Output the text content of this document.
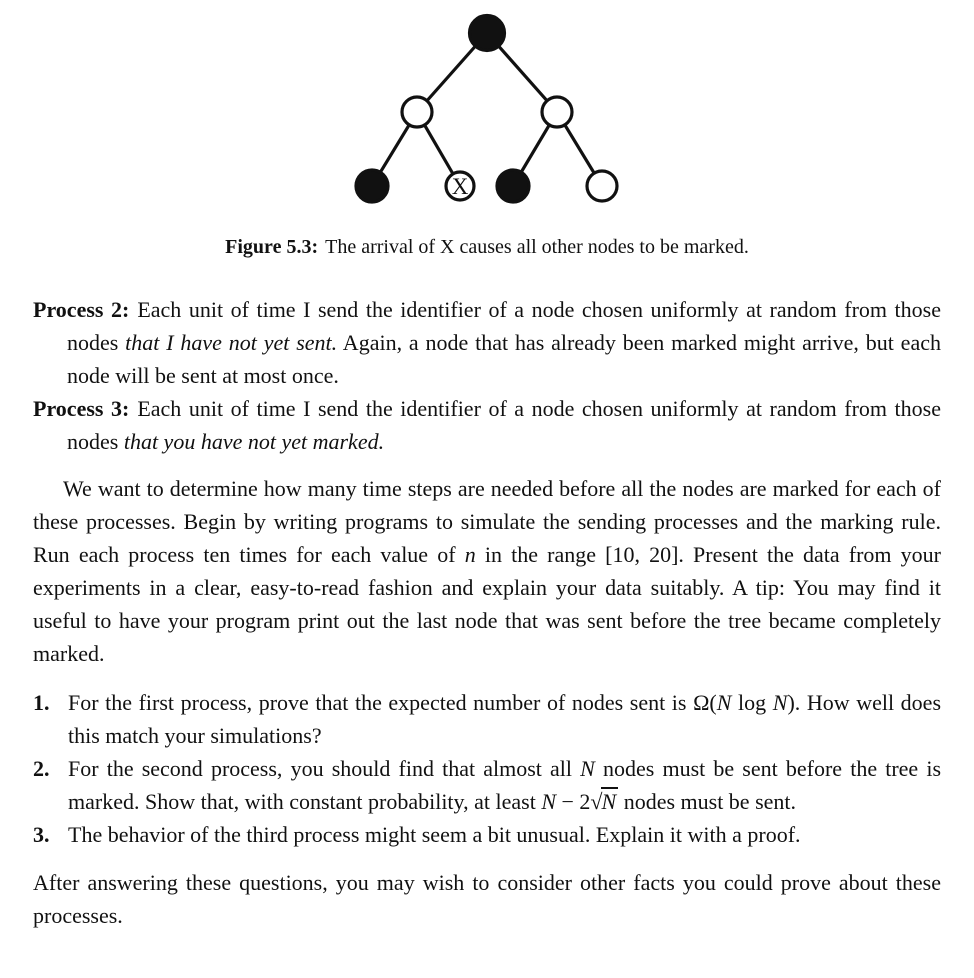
X
Figure 5.3: The arrival of X causes all other nodes to be marked.

Process 2: Each unit of time I send the identifier of a node chosen uniformly at random from those nodes that I have not yet sent. Again, a node that has already been marked might arrive, but each node will be sent at most once.

Process 3: Each unit of time I send the identifier of a node chosen uniformly at random from those nodes that you have not yet marked.

We want to determine how many time steps are needed before all the nodes are marked for each of these processes. Begin by writing programs to simulate the sending processes and the marking rule. Run each process ten times for each value of n in the range [10, 20]. Present the data from your experiments in a clear, easy-to-read fashion and explain your data suitably. A tip: You may find it useful to have your program print out the last node that was sent before the tree became completely marked.

1. For the first process, prove that the expected number of nodes sent is Ω(N log N). How well does this match your simulations?
2. For the second process, you should find that almost all N nodes must be sent before the tree is marked. Show that, with constant probability, at least N − 2√N nodes must be sent.
3. The behavior of the third process might seem a bit unusual. Explain it with a proof.

After answering these questions, you may wish to consider other facts you could prove about these processes.
